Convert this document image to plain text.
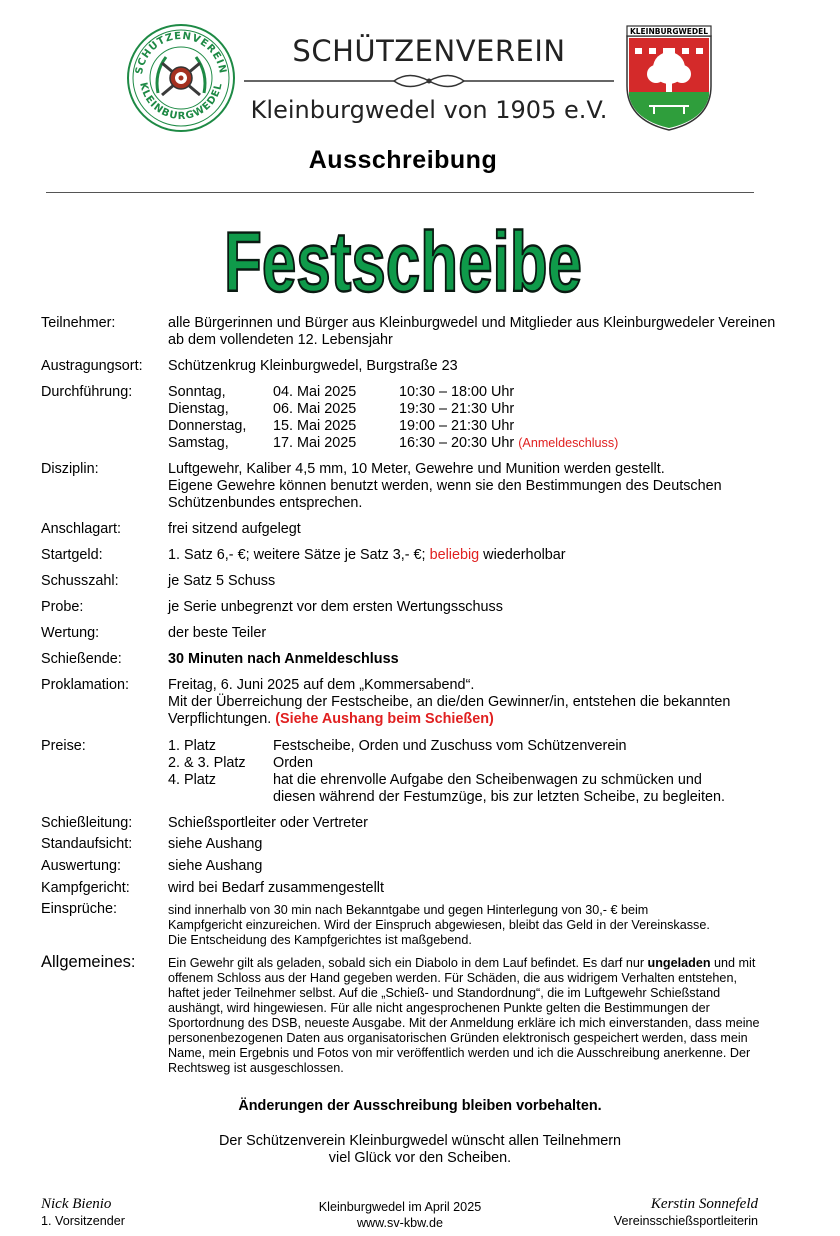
SCHÜTZENVEREIN
KLEINBURGWEDEL
SCHÜTZENVEREIN
Kleinburgwedel von 1905 e.V.
KLEINBURGWEDEL
Ausschreibung
Festscheibe
Teilnehmer:	alle Bürgerinnen und Bürger aus Kleinburgwedel und Mitglieder aus Kleinburgwedeler Vereinen
ab dem vollendeten 12. Lebensjahr
Austragungsort: Schützenkrug Kleinburgwedel, Burgstraße 23
Durchführung: Sonntag,	04. Mai 2025	10:30 – 18:00 Uhr
Dienstag,	06. Mai 2025	19:30 – 21:30 Uhr
Donnerstag, 15. Mai 2025	19:00 – 21:30 Uhr
Samstag,	17. Mai 2025	16:30 – 20:30 Uhr (Anmeldeschluss)
Disziplin:	Luftgewehr, Kaliber 4,5 mm, 10 Meter, Gewehre und Munition werden gestellt.
Eigene Gewehre können benutzt werden, wenn sie den Bestimmungen des Deutschen
Schützenbundes entsprechen.
Anschlagart:	frei sitzend aufgelegt
Startgeld:	1. Satz 6,- €; weitere Sätze je Satz 3,- €; beliebig wiederholbar
Schusszahl:	je Satz 5 Schuss
Probe:	je Serie unbegrenzt vor dem ersten Wertungsschuss
Wertung:	der beste Teiler
Schießende:	30 Minuten nach Anmeldeschluss
Proklamation:	Freitag, 6. Juni 2025 auf dem „Kommersabend“.
Mit der Überreichung der Festscheibe, an die/den Gewinner/in, entstehen die bekannten
Verpflichtungen. (Siehe Aushang beim Schießen)
Preise:	1. Platz	Festscheibe, Orden und Zuschuss vom Schützenverein
2. & 3. Platz Orden
4. Platz	hat die ehrenvolle Aufgabe den Scheibenwagen zu schmücken und
diesen während der Festumzüge, bis zur letzten Scheibe, zu begleiten.
Schießleitung: Schießsportleiter oder Vertreter
Standaufsicht: siehe Aushang
Auswertung:	siehe Aushang
Kampfgericht:	wird bei Bedarf zusammengestellt
Einsprüche:	sind innerhalb von 30 min nach Bekanntgabe und gegen Hinterlegung von 30,- € beim
Kampfgericht einzureichen. Wird der Einspruch abgewiesen, bleibt das Geld in der Vereinskasse.
Die Entscheidung des Kampfgerichtes ist maßgebend.
Allgemeines:	Ein Gewehr gilt als geladen, sobald sich ein Diabolo in dem Lauf befindet. Es darf nur ungeladen und mit
offenem Schloss aus der Hand gegeben werden. Für Schäden, die aus widrigem Verhalten entstehen,
haftet jeder Teilnehmer selbst. Auf die „Schieß- und Standordnung“, die im Luftgewehr Schießstand
aushängt, wird hingewiesen. Für alle nicht angesprochenen Punkte gelten die Bestimmungen der
Sportordnung des DSB, neueste Ausgabe. Mit der Anmeldung erkläre ich mich einverstanden, dass meine
personenbezogenen Daten aus organisatorischen Gründen elektronisch gespeichert werden, dass mein
Name, mein Ergebnis und Fotos von mir veröffentlich werden und ich die Ausschreibung anerkenne. Der
Rechtsweg ist ausgeschlossen.
Änderungen der Ausschreibung bleiben vorbehalten.
Der Schützenverein Kleinburgwedel wünscht allen Teilnehmern
viel Glück vor den Scheiben.
Nick Bienio
1. Vorsitzender
Kleinburgwedel im April 2025
www.sv-kbw.de
Kerstin Sonnefeld
Vereinsschießsportleiterin
